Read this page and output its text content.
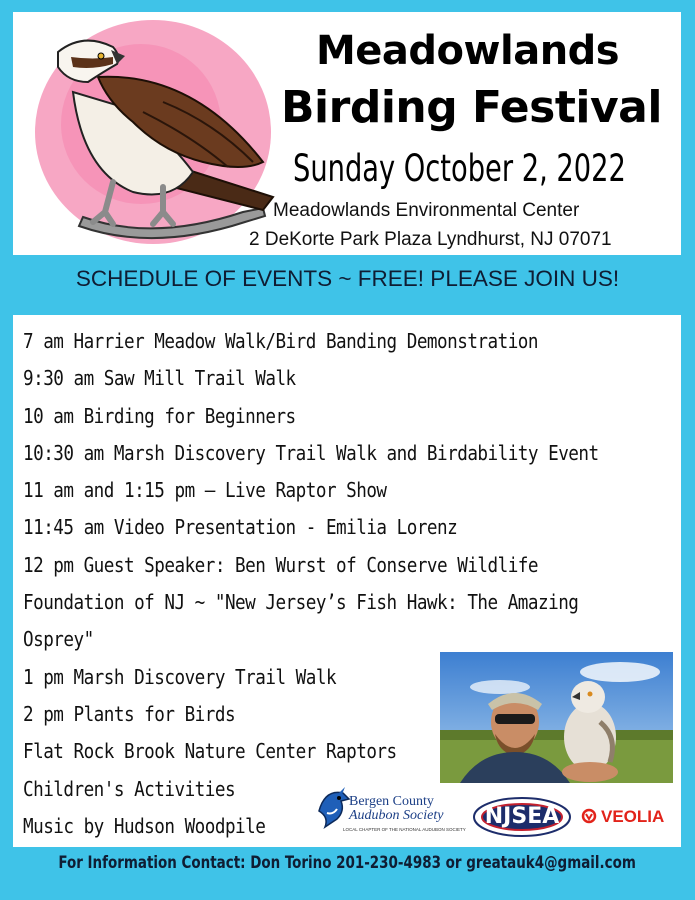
Meadowlands
Birding Festival
Sunday October 2, 2022
Meadowlands Environmental Center
2 DeKorte Park Plaza Lyndhurst, NJ 07071
SCHEDULE OF EVENTS ~ FREE! PLEASE JOIN US!
7 am Harrier Meadow Walk/Bird Banding Demonstration
9:30 am Saw Mill Trail Walk
10 am Birding for Beginners
10:30 am Marsh Discovery Trail Walk and Birdability Event
11 am and 1:15 pm — Live Raptor Show
11:45 am Video Presentation - Emilia Lorenz
12 pm Guest Speaker: Ben Wurst of Conserve Wildlife
Foundation of NJ ~ "New Jersey’s Fish Hawk: The Amazing
Osprey"
1 pm Marsh Discovery Trail Walk
2 pm Plants for Birds
Flat Rock Brook Nature Center Raptors
Children's Activities
Music by Hudson Woodpile
Bergen County
Audubon Society
LOCAL CHAPTER OF THE NATIONAL AUDUBON SOCIETY
NJSEA	VEOLIA
For Information Contact: Don Torino 201-230-4983 or greatauk4@gmail.com
